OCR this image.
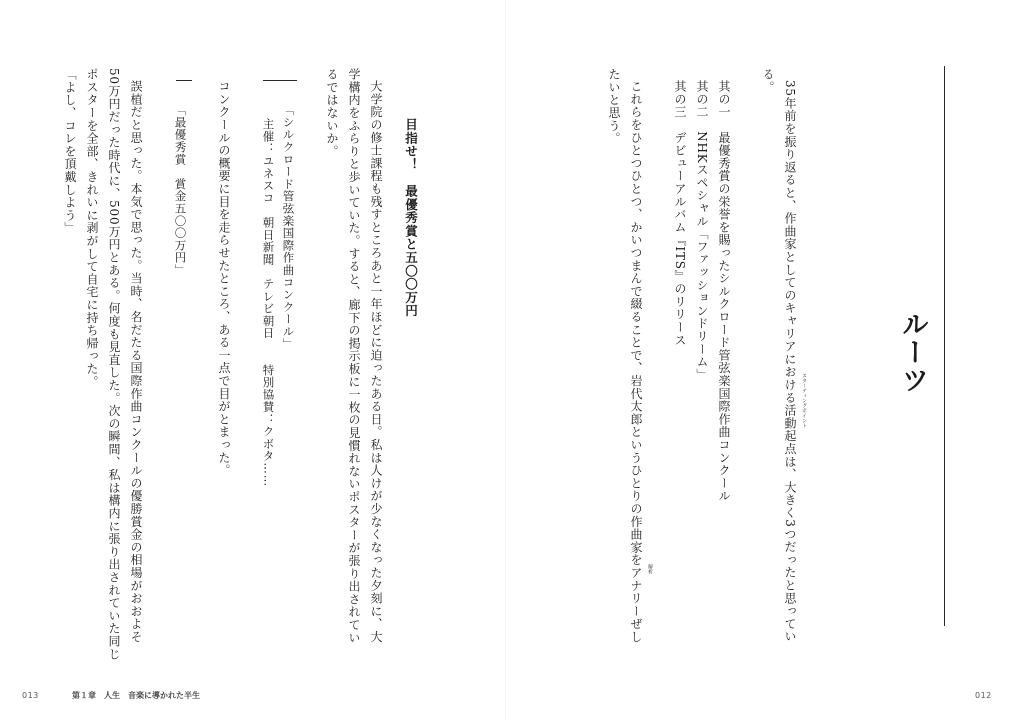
ルーツ
35年前を振り返ると、作曲家としてのキャリアにおける活動起点は、大きく3つだったと思ってい スターティングポイント
る。
其の一　最優秀賞の栄誉を賜ったシルクロード管弦楽国際作曲コンクール
其の二　NHKスペシャル「ファッションドリーム」
其の三　デビューアルバム『ITS』のリリース
これらをひとつひとつ、かいつまんで綴ることで、岩代太郎というひとりの作曲家をアナリーぜし 解析
たいと思う。
012
目指せ！　最優秀賞と五〇〇万円
大学院の修士課程も残すところあと一年ほどに迫ったある日。私は人けが少なくなった夕刻に、大
学構内をふらりと歩いていた。すると、廊下の掲示板に一枚の見慣れないポスターが張り出されてい
るではないか。
「シルクロード管弦楽国際作曲コンクール」
主催：ユネスコ　朝日新聞　テレビ朝日　　特別協賛：クボタ……
コンクールの概要に目を走らせたところ、ある一点で目がとまった。
「最優秀賞　賞金五〇〇万円」
誤植だと思った。本気で思った。当時、名だたる国際作曲コンクールの優勝賞金の相場がおおよそ
50万円だった時代に、500万円とある。何度も見直した。次の瞬間、私は構内に張り出されていた同じ
ポスターを全部、きれいに剥がして自宅に持ち帰った。
「よし、コレを頂戴しよう」
013	第１章　人生　音楽に導かれた半生
